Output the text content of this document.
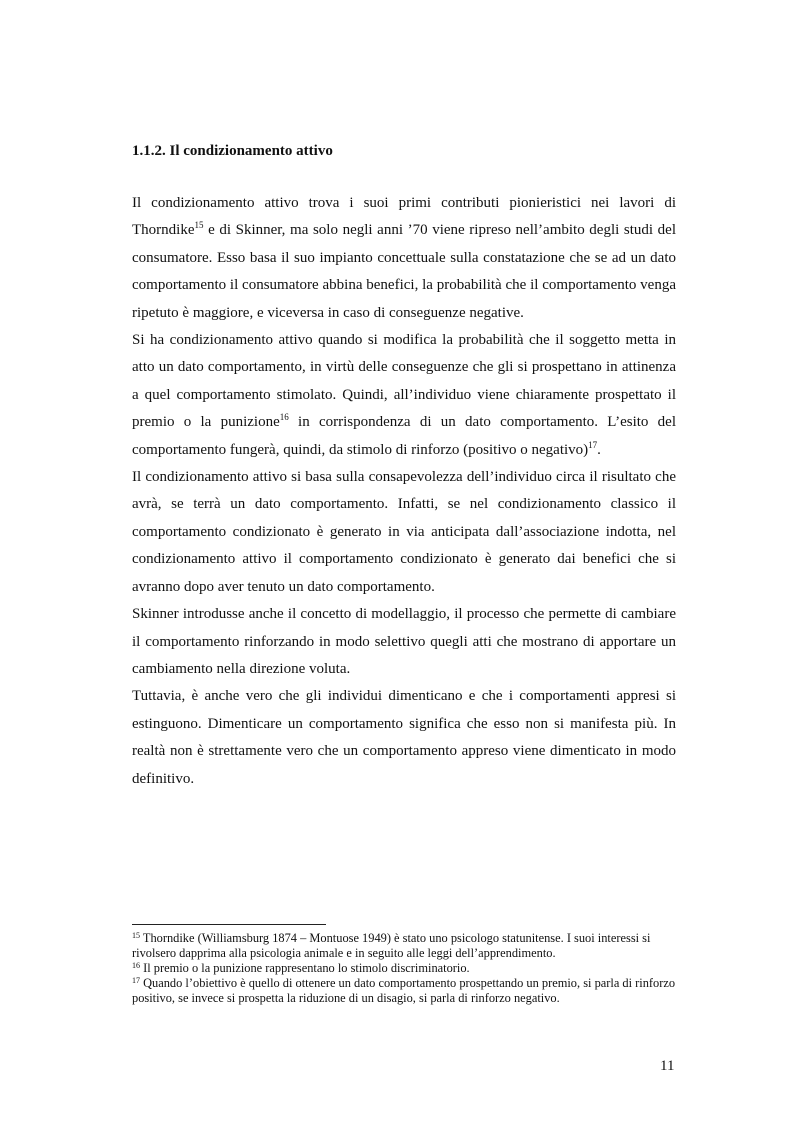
1.1.2. Il condizionamento attivo

Il condizionamento attivo trova i suoi primi contributi pionieristici nei lavori di Thorndike$^{15}$ e di Skinner, ma solo negli anni ’70 viene ripreso nell’ambito degli studi del consumatore. Esso basa il suo impianto concettuale sulla constatazione che se ad un dato comportamento il consumatore abbina benefici, la probabilità che il comportamento venga ripetuto è maggiore, e viceversa in caso di conseguenze negative.

Si ha condizionamento attivo quando si modifica la probabilità che il soggetto metta in atto un dato comportamento, in virtù delle conseguenze che gli si prospettano in attinenza a quel comportamento stimolato. Quindi, all’individuo viene chiaramente prospettato il premio o la punizione$^{16}$ in corrispondenza di un dato comportamento. L’esito del comportamento fungerà, quindi, da stimolo di rinforzo (positivo o negativo)$^{17}$.

Il condizionamento attivo si basa sulla consapevolezza dell’individuo circa il risultato che avrà, se terrà un dato comportamento. Infatti, se nel condizionamento classico il comportamento condizionato è generato in via anticipata dall’associazione indotta, nel condizionamento attivo il comportamento condizionato è generato dai benefici che si avranno dopo aver tenuto un dato comportamento.

Skinner introdusse anche il concetto di modellaggio, il processo che permette di cambiare il comportamento rinforzando in modo selettivo quegli atti che mostrano di apportare un cambiamento nella direzione voluta.

Tuttavia, è anche vero che gli individui dimenticano e che i comportamenti appresi si estinguono. Dimenticare un comportamento significa che esso non si manifesta più. In realtà non è strettamente vero che un comportamento appreso viene dimenticato in modo definitivo.

$^{15}$ Thorndike (Williamsburg 1874 – Montuose 1949) è stato uno psicologo statunitense. I suoi interessi si rivolsero dapprima alla psicologia animale e in seguito alle leggi dell’apprendimento.

$^{16}$ Il premio o la punizione rappresentano lo stimolo discriminatorio.

$^{17}$ Quando l’obiettivo è quello di ottenere un dato comportamento prospettando un premio, si parla di rinforzo positivo, se invece si prospetta la riduzione di un disagio, si parla di rinforzo negativo.

11
